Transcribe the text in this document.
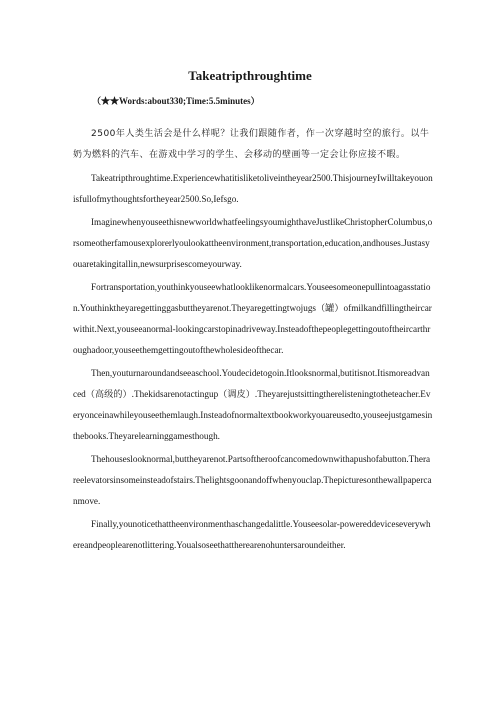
Takeatripthroughtime
（★★Words:about330;Time:5.5minutes）

2500年人类生活会是什么样呢？让我们跟随作者，作一次穿越时空的旅行。以牛奶为燃料的汽车、在游戏中学习的学生、会移动的壁画等一定会让你应接不暇。

Takeatripthroughtime.Experiencewhatitisliketoliveintheyear2500.ThisjourneyIwilltakeyouonisfullofmythoughtsfortheyear2500.So,Iefsgo.

ImaginewhenyouseethisnewworldwhatfeelingsyoumighthaveJustlikeChristopherColumbus,orsomeotherfamousexplorerlyoulookattheenvironment,transportation,education,andhouses.Justasyouaretakingitallin,newsurprisescomeyourway.

Fortransportation,youthinkyouseewhatlooklikenormalcars.Youseesomeonepullintoagasstation.Youthinktheyaregettinggasbuttheyarenot.Theyaregettingtwojugs（罐）ofmilkandfillingtheircarwithit.Next,youseeanormal-lookingcarstopinadriveway.Insteadofthepeoplegettingoutoftheircarthroughadoor,youseethemgettingoutofthewholesideofthecar.

Then,youturnaroundandseeaschool.Youdecidetogoin.Itlooksnormal,butitisnot.Itismoreadvanced（高级的）.Thekidsarenotactingup（调皮）.Theyarejustsittingtherelisteningtotheteacher.Everyonceinawhileyouseethemlaugh.Insteadofnormaltextbookworkyouareusedto,youseejustgamesinthebooks.Theyarelearninggamesthough.

Thehouseslooknormal,buttheyarenot.Partsoftheroofcancomedownwithapushofabutton.Therareelevatorsinsomeinsteadofstairs.Thelightsgoonandoffwhenyouclap.Thepicturesonthewallpapercanmove.

Finally,younoticethattheenvironmenthaschangedalittle.Youseesolar-powereddeviceseverywhereandpeoplearenotlittering.Youalsoseethattherearenohuntersaroundeither.
